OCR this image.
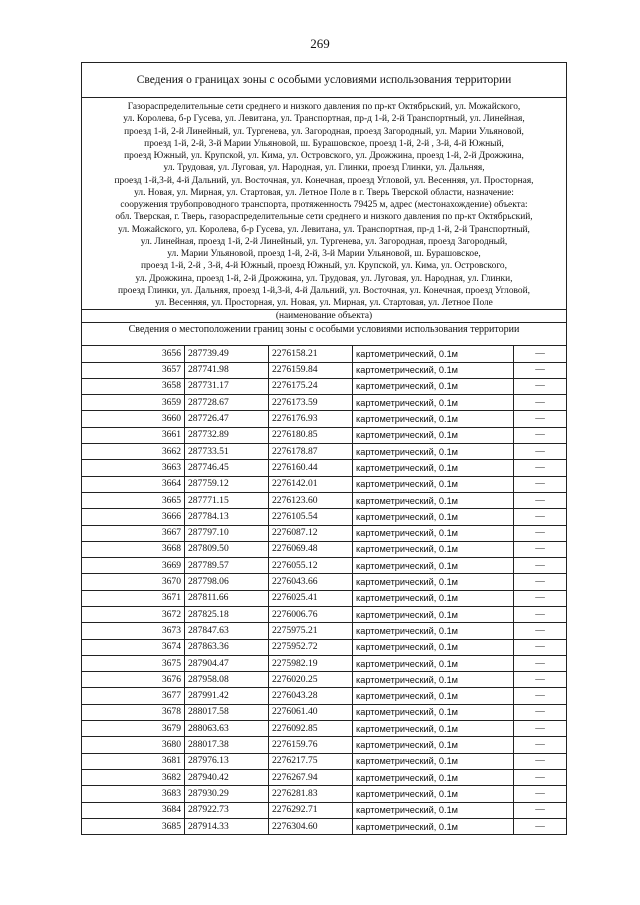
269
Сведения о границах зоны с особыми условиями использования территории
Газораспределительные сети среднего и низкого давления по пр-кт Октябрьский, ул. Можайского,
ул. Королева, б-р Гусева, ул. Левитана, ул. Транспортная, пр-д 1-й, 2-й Транспортный, ул. Линейная,
проезд 1-й, 2-й Линейный, ул. Тургенева, ул. Загородная, проезд Загородный, ул. Марии Ульяновой,
проезд 1-й, 2-й, 3-й Марии Ульяновой, ш. Бурашовское, проезд 1-й, 2-й , 3-й, 4-й Южный,
проезд Южный, ул. Крупской, ул. Кима, ул. Островского, ул. Дрожжина, проезд 1-й, 2-й Дрожжина,
ул. Трудовая, ул. Луговая, ул. Народная, ул. Глинки, проезд Глинки, ул. Дальняя,
проезд 1-й,3-й, 4-й Дальний, ул. Восточная, ул. Конечная, проезд Угловой, ул. Весенняя, ул. Просторная,
ул. Новая, ул. Мирная, ул. Стартовая, ул. Летное Поле в г. Тверь Тверской области, назначение:
сооружения трубопроводного транспорта, протяженность 79425 м, адрес (местонахождение) объекта:
обл. Тверская, г. Тверь, газораспределительные сети среднего и низкого давления по пр-кт Октябрьский,
ул. Можайского, ул. Королева, б-р Гусева, ул. Левитана, ул. Транспортная, пр-д 1-й, 2-й Транспортный,
ул. Линейная, проезд 1-й, 2-й Линейный, ул. Тургенева, ул. Загородная, проезд Загородный,
ул. Марии Ульяновой, проезд 1-й, 2-й, 3-й Марии Ульяновой, ш. Бурашовское,
проезд 1-й, 2-й , 3-й, 4-й Южный, проезд Южный, ул. Крупской, ул. Кима, ул. Островского,
ул. Дрожжина, проезд 1-й, 2-й Дрожжина, ул. Трудовая, ул. Луговая, ул. Народная, ул. Глинки,
проезд Глинки, ул. Дальняя, проезд 1-й,3-й, 4-й Дальний, ул. Восточная, ул. Конечная, проезд Угловой,
ул. Весенняя, ул. Просторная, ул. Новая, ул. Мирная, ул. Стартовая, ул. Летное Поле
(наименование объекта)
Сведения о местоположении границ зоны с особыми условиями использования территории
3656	287739.49	2276158.21	картометрический, 0.1м	—
3657	287741.98	2276159.84	картометрический, 0.1м	—
3658	287731.17	2276175.24	картометрический, 0.1м	—
3659	287728.67	2276173.59	картометрический, 0.1м	—
3660	287726.47	2276176.93	картометрический, 0.1м	—
3661	287732.89	2276180.85	картометрический, 0.1м	—
3662	287733.51	2276178.87	картометрический, 0.1м	—
3663	287746.45	2276160.44	картометрический, 0.1м	—
3664	287759.12	2276142.01	картометрический, 0.1м	—
3665	287771.15	2276123.60	картометрический, 0.1м	—
3666	287784.13	2276105.54	картометрический, 0.1м	—
3667	287797.10	2276087.12	картометрический, 0.1м	—
3668	287809.50	2276069.48	картометрический, 0.1м	—
3669	287789.57	2276055.12	картометрический, 0.1м	—
3670	287798.06	2276043.66	картометрический, 0.1м	—
3671	287811.66	2276025.41	картометрический, 0.1м	—
3672	287825.18	2276006.76	картометрический, 0.1м	—
3673	287847.63	2275975.21	картометрический, 0.1м	—
3674	287863.36	2275952.72	картометрический, 0.1м	—
3675	287904.47	2275982.19	картометрический, 0.1м	—
3676	287958.08	2276020.25	картометрический, 0.1м	—
3677	287991.42	2276043.28	картометрический, 0.1м	—
3678	288017.58	2276061.40	картометрический, 0.1м	—
3679	288063.63	2276092.85	картометрический, 0.1м	—
3680	288017.38	2276159.76	картометрический, 0.1м	—
3681	287976.13	2276217.75	картометрический, 0.1м	—
3682	287940.42	2276267.94	картометрический, 0.1м	—
3683	287930.29	2276281.83	картометрический, 0.1м	—
3684	287922.73	2276292.71	картометрический, 0.1м	—
3685	287914.33	2276304.60	картометрический, 0.1м	—
